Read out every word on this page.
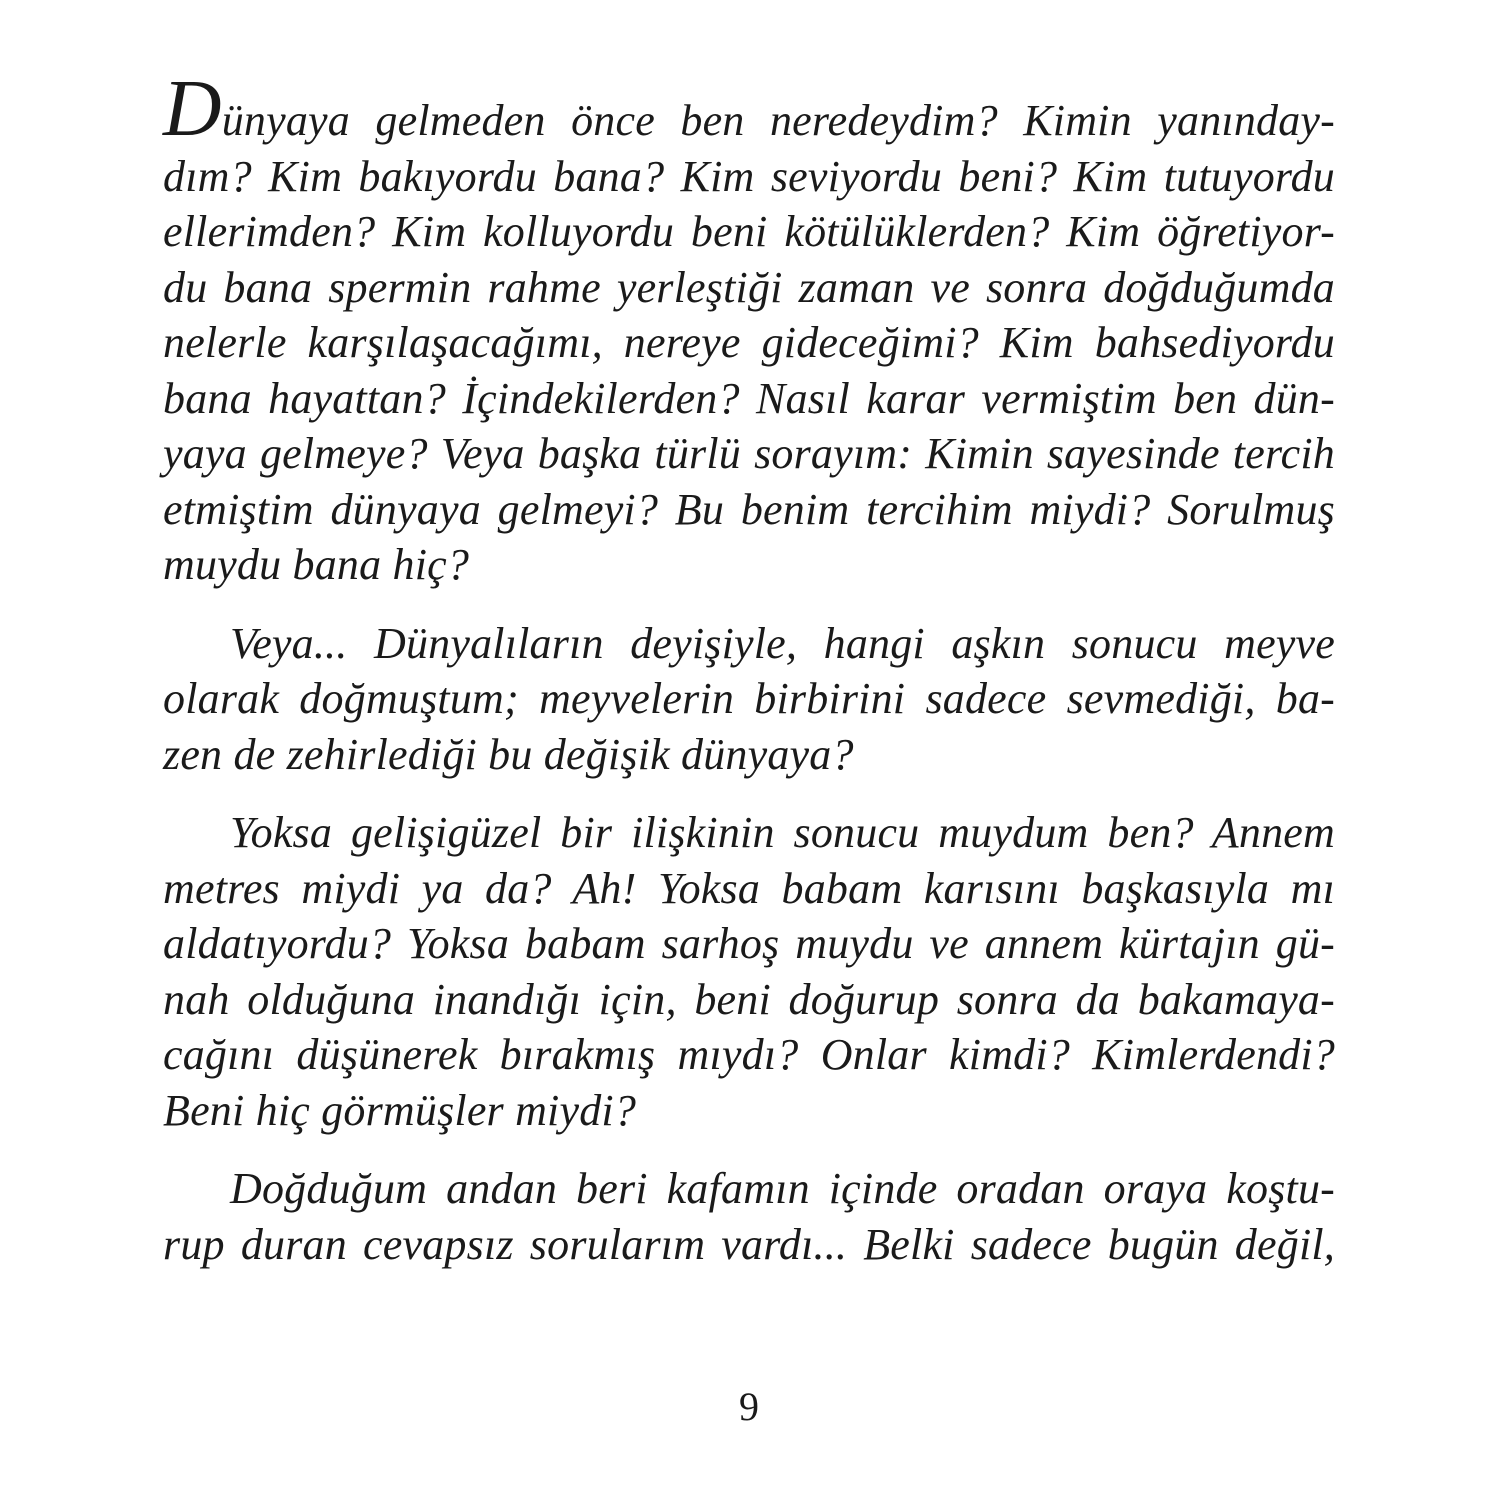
Dünyaya gelmeden önce ben neredeydim? Kimin yanınday-
dım? Kim bakıyordu bana? Kim seviyordu beni? Kim tutuyordu
ellerimden? Kim kolluyordu beni kötülüklerden? Kim öğretiyor-
du bana spermin rahme yerleştiği zaman ve sonra doğduğumda
nelerle karşılaşacağımı, nereye gideceğimi? Kim bahsediyordu
bana hayattan? İçindekilerden? Nasıl karar vermiştim ben dün-
yaya gelmeye? Veya başka türlü sorayım: Kimin sayesinde tercih
etmiştim dünyaya gelmeyi? Bu benim tercihim miydi? Sorulmuş
muydu bana hiç?
Veya... Dünyalıların deyişiyle, hangi aşkın sonucu meyve
olarak doğmuştum; meyvelerin birbirini sadece sevmediği, ba-
zen de zehirlediği bu değişik dünyaya?
Yoksa gelişigüzel bir ilişkinin sonucu muydum ben? Annem
metres miydi ya da? Ah! Yoksa babam karısını başkasıyla mı
aldatıyordu? Yoksa babam sarhoş muydu ve annem kürtajın gü-
nah olduğuna inandığı için, beni doğurup sonra da bakamaya-
cağını düşünerek bırakmış mıydı? Onlar kimdi? Kimlerdendi?
Beni hiç görmüşler miydi?
Doğduğum andan beri kafamın içinde oradan oraya koştu-
rup duran cevapsız sorularım vardı... Belki sadece bugün değil,
9
